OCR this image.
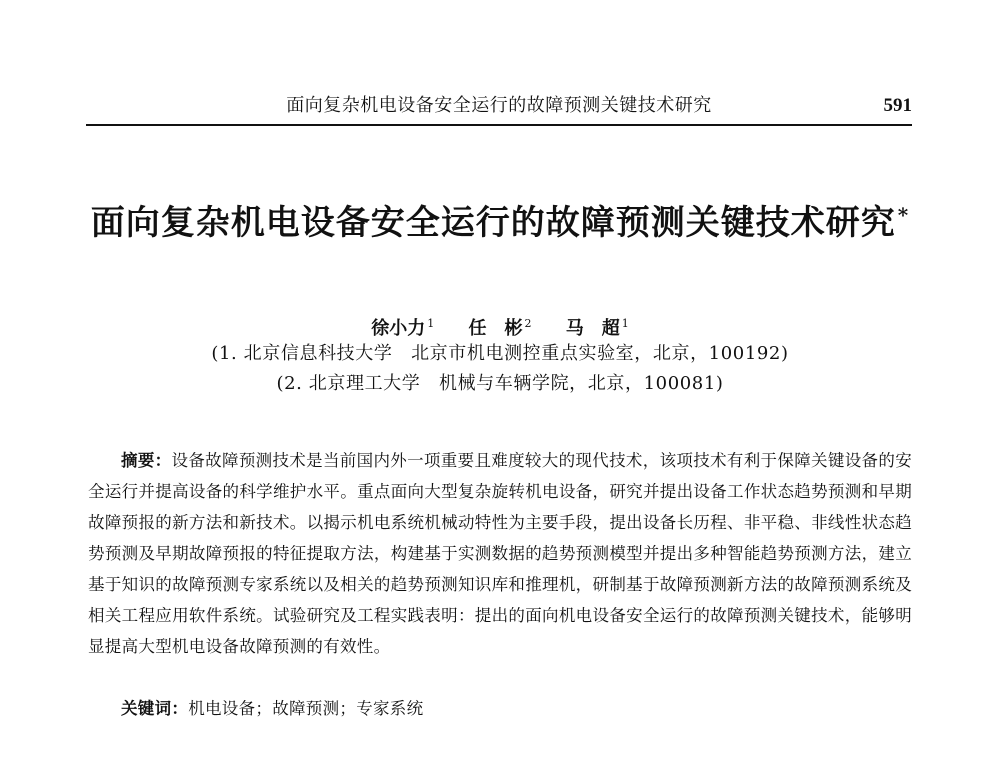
面向复杂机电设备安全运行的故障预测关键技术研究	591
面向复杂机电设备安全运行的故障预测关键技术研究 *
徐小力 $^1$ 任　彬 $^2$ 马　超 $^1$
(1. 北京信息科技大学　北京市机电测控重点实验室，北京，100192)
(2. 北京理工大学　机械与车辆学院，北京，100081)
摘要：设备故障预测技术是当前国内外一项重要且难度较大的现代技术，该项技术有利于保障关键设备的安全运行并提高设备的科学维护水平。重点面向大型复杂旋转机电设备，研究并提出设备工作状态趋势预测和早期故障预报的新方法和新技术。以揭示机电系统机械动特性为主要手段，提出设备长历程、非平稳、非线性状态趋势预测及早期故障预报的特征提取方法，构建基于实测数据的趋势预测模型并提出多种智能趋势预测方法，建立基于知识的故障预测专家系统以及相关的趋势预测知识库和推理机，研制基于故障预测新方法的故障预测系统及相关工程应用软件系统。试验研究及工程实践表明：提出的面向机电设备安全运行的故障预测关键技术，能够明显提高大型机电设备故障预测的有效性。
关键词：机电设备；故障预测；专家系统
